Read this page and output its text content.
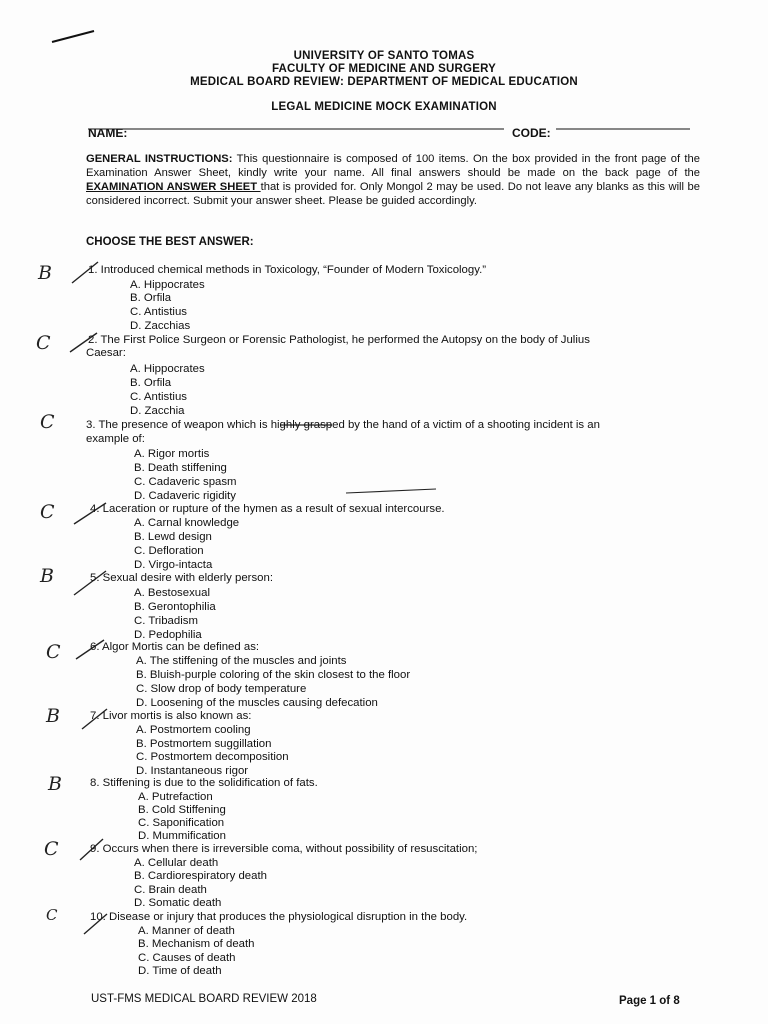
UNIVERSITY OF SANTO TOMAS
FACULTY OF MEDICINE AND SURGERY
MEDICAL BOARD REVIEW: DEPARTMENT OF MEDICAL EDUCATION
LEGAL MEDICINE MOCK EXAMINATION
NAME:	CODE:
GENERAL INSTRUCTIONS: This questionnaire is composed of 100 items. On the box provided in the front page of the Examination Answer Sheet, kindly write your name. All final answers should be made on the back page of the EXAMINATION ANSWER SHEET that is provided for. Only Mongol 2 may be used. Do not leave any blanks as this will be considered incorrect. Submit your answer sheet. Please be guided accordingly.
CHOOSE THE BEST ANSWER:
B	1. Introduced chemical methods in Toxicology, “Founder of Modern Toxicology.”
A. Hippocrates
B. Orfila
C. Antistius
D. Zacchias
C	2. The First Police Surgeon or Forensic Pathologist, he performed the Autopsy on the body of Julius
Caesar:
A. Hippocrates
B. Orfila
C. Antistius
D. Zacchia
C	3. The presence of weapon which is highly grasped by the hand of a victim of a shooting incident is an
example of:
A. Rigor mortis
B. Death stiffening
C. Cadaveric spasm
D. Cadaveric rigidity
C	4. Laceration or rupture of the hymen as a result of sexual intercourse.
A. Carnal knowledge
B. Lewd design
C. Defloration
D. Virgo-intacta
B	5. Sexual desire with elderly person:
A. Bestosexual
B. Gerontophilia
C. Tribadism
D. Pedophilia
C	6. Algor Mortis can be defined as:
A. The stiffening of the muscles and joints
B. Bluish-purple coloring of the skin closest to the floor
C. Slow drop of body temperature
D. Loosening of the muscles causing defecation
B	7. Livor mortis is also known as:
A. Postmortem cooling
B. Postmortem suggillation
C. Postmortem decomposition
D. Instantaneous rigor
B 8. Stiffening is due to the solidification of fats.
A. Putrefaction
B. Cold Stiffening
C. Saponification
D. Mummification
C	9. Occurs when there is irreversible coma, without possibility of resuscitation;
A. Cellular death
B. Cardiorespiratory death
C. Brain death
D. Somatic death
C	10. Disease or injury that produces the physiological disruption in the body.
A. Manner of death
B. Mechanism of death
C. Causes of death
D. Time of death
UST-FMS MEDICAL BOARD REVIEW 2018	Page 1 of 8
